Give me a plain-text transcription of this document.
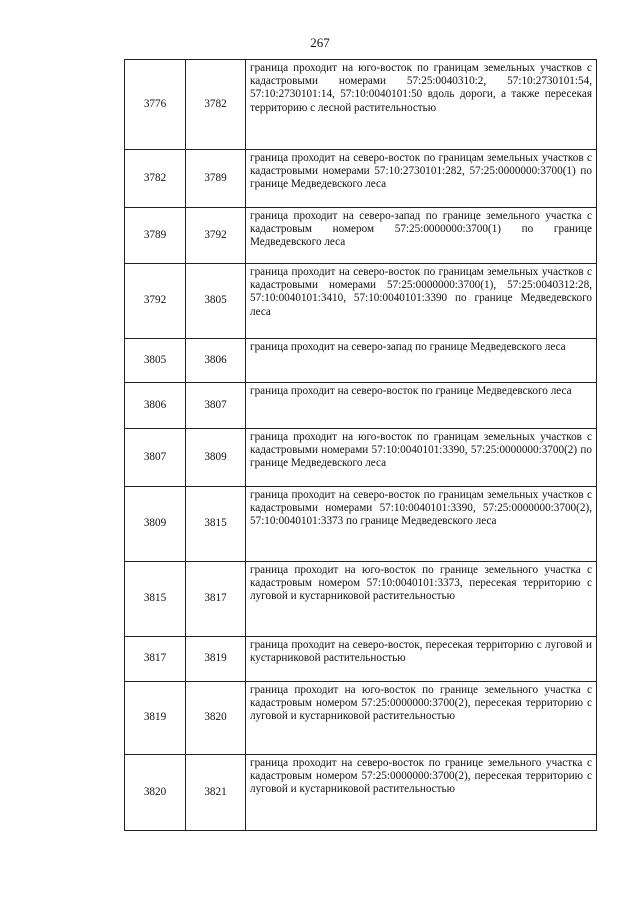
267
3776	3782	граница проходит на юго-восток по границам земельных участков с кадастровыми номерами 57:25:0040310:2, 57:10:2730101:54, 57:10:2730101:14, 57:10:0040101:50 вдоль дороги, а также пересекая территорию с лесной растительностью
3782	3789	граница проходит на северо-восток по границам земельных участков с кадастровыми номерами 57:10:2730101:282, 57:25:0000000:3700(1) по границе Медведевского леса
3789	3792	граница проходит на северо-запад по границе земельного участка с кадастровым номером 57:25:0000000:3700(1) по границе Медведевского леса
3792	3805	граница проходит на северо-восток по границам земельных участков с кадастровыми номерами 57:25:0000000:3700(1), 57:25:0040312:28, 57:10:0040101:3410, 57:10:0040101:3390 по границе Медведевского леса
3805	3806	граница проходит на северо-запад по границе Медведевского леса
3806	3807	граница проходит на северо-восток по границе Медведевского леса
3807	3809	граница проходит на юго-восток по границам земельных участков с кадастровыми номерами 57:10:0040101:3390, 57:25:0000000:3700(2) по границе Медведевского леса
3809	3815	граница проходит на северо-восток по границам земельных участков с кадастровыми номерами 57:10:0040101:3390, 57:25:0000000:3700(2), 57:10:0040101:3373 по границе Медведевского леса
3815	3817	граница проходит на юго-восток по границе земельного участка с кадастровым номером 57:10:0040101:3373, пересекая территорию с луговой и кустарниковой растительностью
3817	3819	граница проходит на северо-восток, пересекая территорию с луговой и кустарниковой растительностью
3819	3820	граница проходит на юго-восток по границе земельного участка с кадастровым номером 57:25:0000000:3700(2), пересекая территорию с луговой и кустарниковой растительностью
3820	3821	граница проходит на северо-восток по границе земельного участка с кадастровым номером 57:25:0000000:3700(2), пересекая территорию с луговой и кустарниковой растительностью
